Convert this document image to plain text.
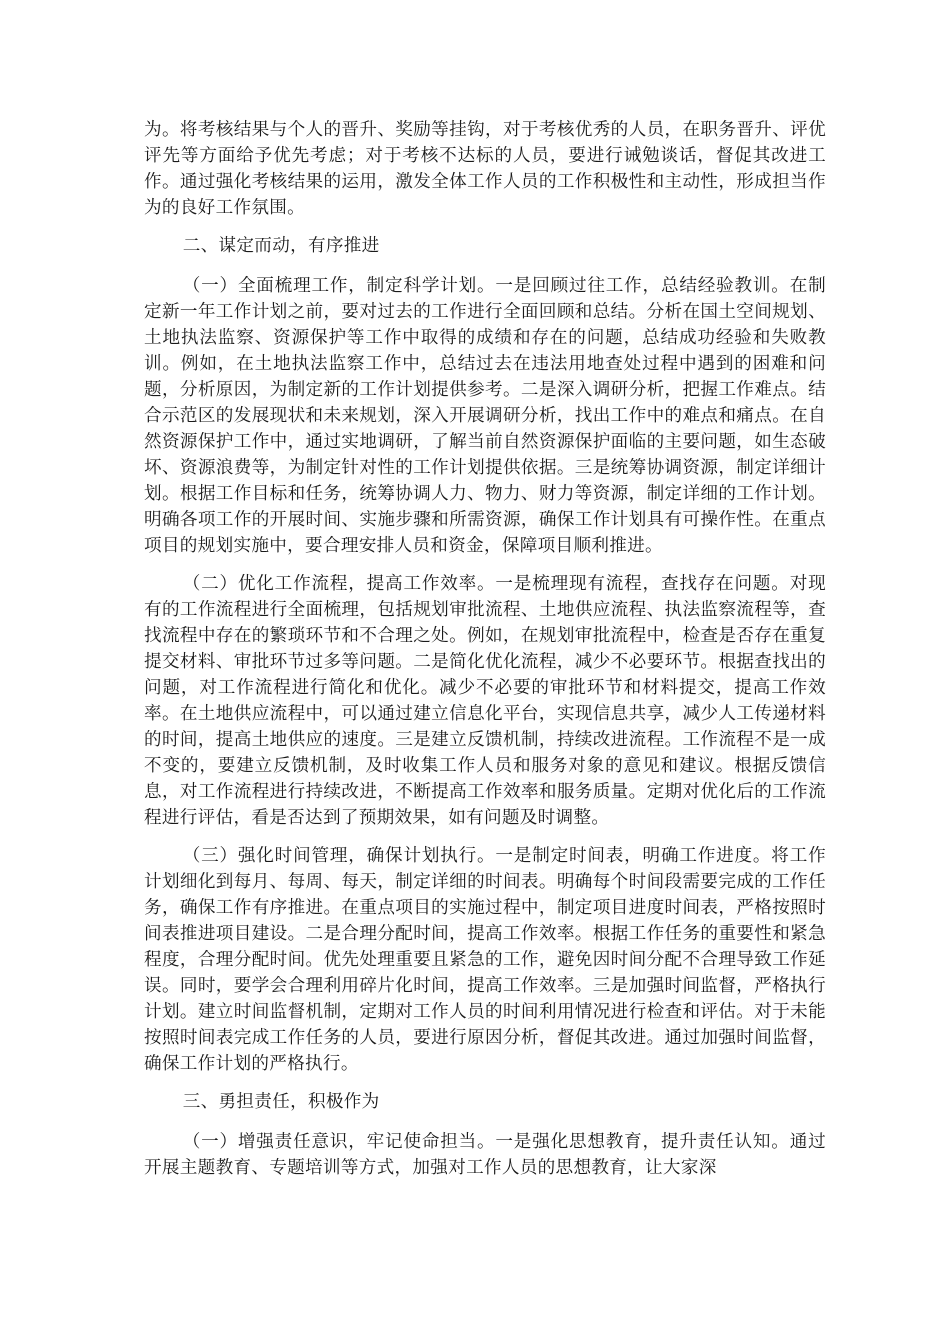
为。将考核结果与个人的晋升、奖励等挂钩，对于考核优秀的人员，在职务晋升、评优评先等方面给予优先考虑；对于考核不达标的人员，要进行诫勉谈话，督促其改进工作。通过强化考核结果的运用，激发全体工作人员的工作积极性和主动性，形成担当作为的良好工作氛围。

二、谋定而动，有序推进

（一）全面梳理工作，制定科学计划。一是回顾过往工作，总结经验教训。在制定新一年工作计划之前，要对过去的工作进行全面回顾和总结。分析在国土空间规划、土地执法监察、资源保护等工作中取得的成绩和存在的问题，总结成功经验和失败教训。例如，在土地执法监察工作中，总结过去在违法用地查处过程中遇到的困难和问题，分析原因，为制定新的工作计划提供参考。二是深入调研分析，把握工作难点。结合示范区的发展现状和未来规划，深入开展调研分析，找出工作中的难点和痛点。在自然资源保护工作中，通过实地调研，了解当前自然资源保护面临的主要问题，如生态破坏、资源浪费等，为制定针对性的工作计划提供依据。三是统筹协调资源，制定详细计划。根据工作目标和任务，统筹协调人力、物力、财力等资源，制定详细的工作计划。明确各项工作的开展时间、实施步骤和所需资源，确保工作计划具有可操作性。在重点项目的规划实施中，要合理安排人员和资金，保障项目顺利推进。

（二）优化工作流程，提高工作效率。一是梳理现有流程，查找存在问题。对现有的工作流程进行全面梳理，包括规划审批流程、土地供应流程、执法监察流程等，查找流程中存在的繁琐环节和不合理之处。例如，在规划审批流程中，检查是否存在重复提交材料、审批环节过多等问题。二是简化优化流程，减少不必要环节。根据查找出的问题，对工作流程进行简化和优化。减少不必要的审批环节和材料提交，提高工作效率。在土地供应流程中，可以通过建立信息化平台，实现信息共享，减少人工传递材料的时间，提高土地供应的速度。三是建立反馈机制，持续改进流程。工作流程不是一成不变的，要建立反馈机制，及时收集工作人员和服务对象的意见和建议。根据反馈信息，对工作流程进行持续改进，不断提高工作效率和服务质量。定期对优化后的工作流程进行评估，看是否达到了预期效果，如有问题及时调整。

（三）强化时间管理，确保计划执行。一是制定时间表，明确工作进度。将工作计划细化到每月、每周、每天，制定详细的时间表。明确每个时间段需要完成的工作任务，确保工作有序推进。在重点项目的实施过程中，制定项目进度时间表，严格按照时间表推进项目建设。二是合理分配时间，提高工作效率。根据工作任务的重要性和紧急程度，合理分配时间。优先处理重要且紧急的工作，避免因时间分配不合理导致工作延误。同时，要学会合理利用碎片化时间，提高工作效率。三是加强时间监督，严格执行计划。建立时间监督机制，定期对工作人员的时间利用情况进行检查和评估。对于未能按照时间表完成工作任务的人员，要进行原因分析，督促其改进。通过加强时间监督，确保工作计划的严格执行。

三、勇担责任，积极作为

（一）增强责任意识，牢记使命担当。一是强化思想教育，提升责任认知。通过开展主题教育、专题培训等方式，加强对工作人员的思想教育，让大家深
